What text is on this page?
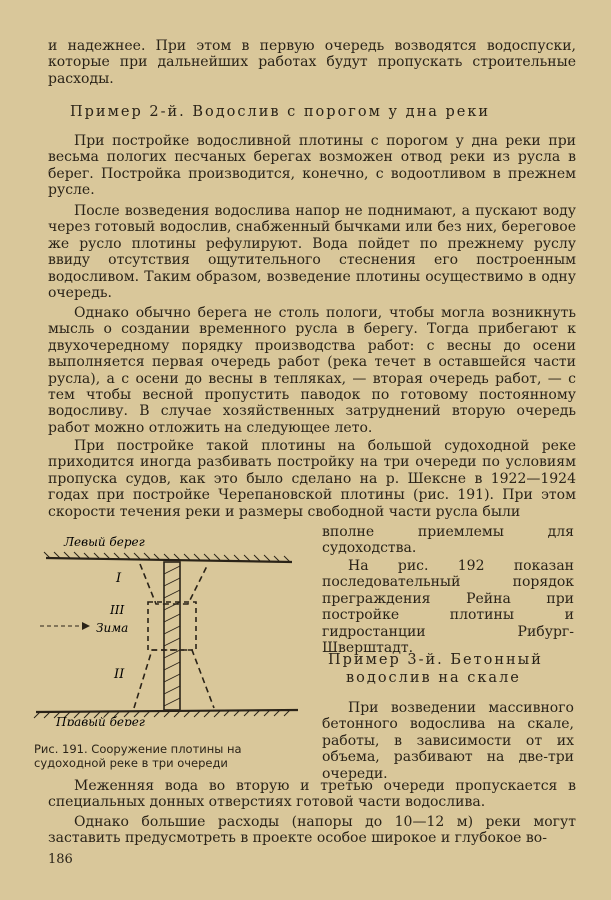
и надежнее. При этом в первую очередь возводятся водоспуски, которые при дальнейших работах будут пропускать строительные расходы.

Пример 2-й. Водослив с порогом у дна реки

При постройке водосливной плотины с порогом у дна реки при весьма пологих песчаных берегах возможен отвод реки из русла в берег. Постройка производится, конечно, с водоотливом в прежнем русле.

После возведения водослива напор не поднимают, а пускают воду через готовый водослив, снабженный бычками или без них, береговое же русло плотины рефулируют. Вода пойдет по прежнему руслу ввиду отсутствия ощутительного стеснения его построенным водосливом. Таким образом, возведение плотины осуществимо в одну очередь.

Однако обычно берега не столь пологи, чтобы могла возникнуть мысль о создании временного русла в берегу. Тогда прибегают к двухочередному порядку производства работ: с весны до осени выполняется первая очередь работ (река течет в оставшейся части русла), а с осени до весны в тепляках, — вторая очередь работ, — с тем чтобы весной пропустить паводок по готовому постоянному водосливу. В случае хозяйственных затруднений вторую очередь работ можно отложить на следующее лето.

При постройке такой плотины на большой судоходной реке приходится иногда разбивать постройку на три очереди по условиям пропуска судов, как это было сделано на р. Шексне в 1922—1924 годах при постройке Черепановской плотины (рис. 191). При этом скорости течения реки и размеры свободной части русла были

вполне приемлемы для судоходства.

На рис. 192 показан последовательный порядок преграждения Рейна при постройке плотины и гидростанции Рибург-Шверштадт.

Пример 3-й. Бетонный
водослив на скале

При возведении массивного бетонного водослива на скале, работы, в зависимости от их объема, разбивают на две-три очереди.

Левый берег
I
III
Зима
II
Правый берег
Рис. 191. Сооружение плотины на судоходной реке в три очереди

Меженняя вода во вторую и третью очереди пропускается в специальных донных отверстиях готовой части водослива.

Однако большие расходы (напоры до 10—12 м) реки могут заставить предусмотреть в проекте особое широкое и глубокое во-

186
